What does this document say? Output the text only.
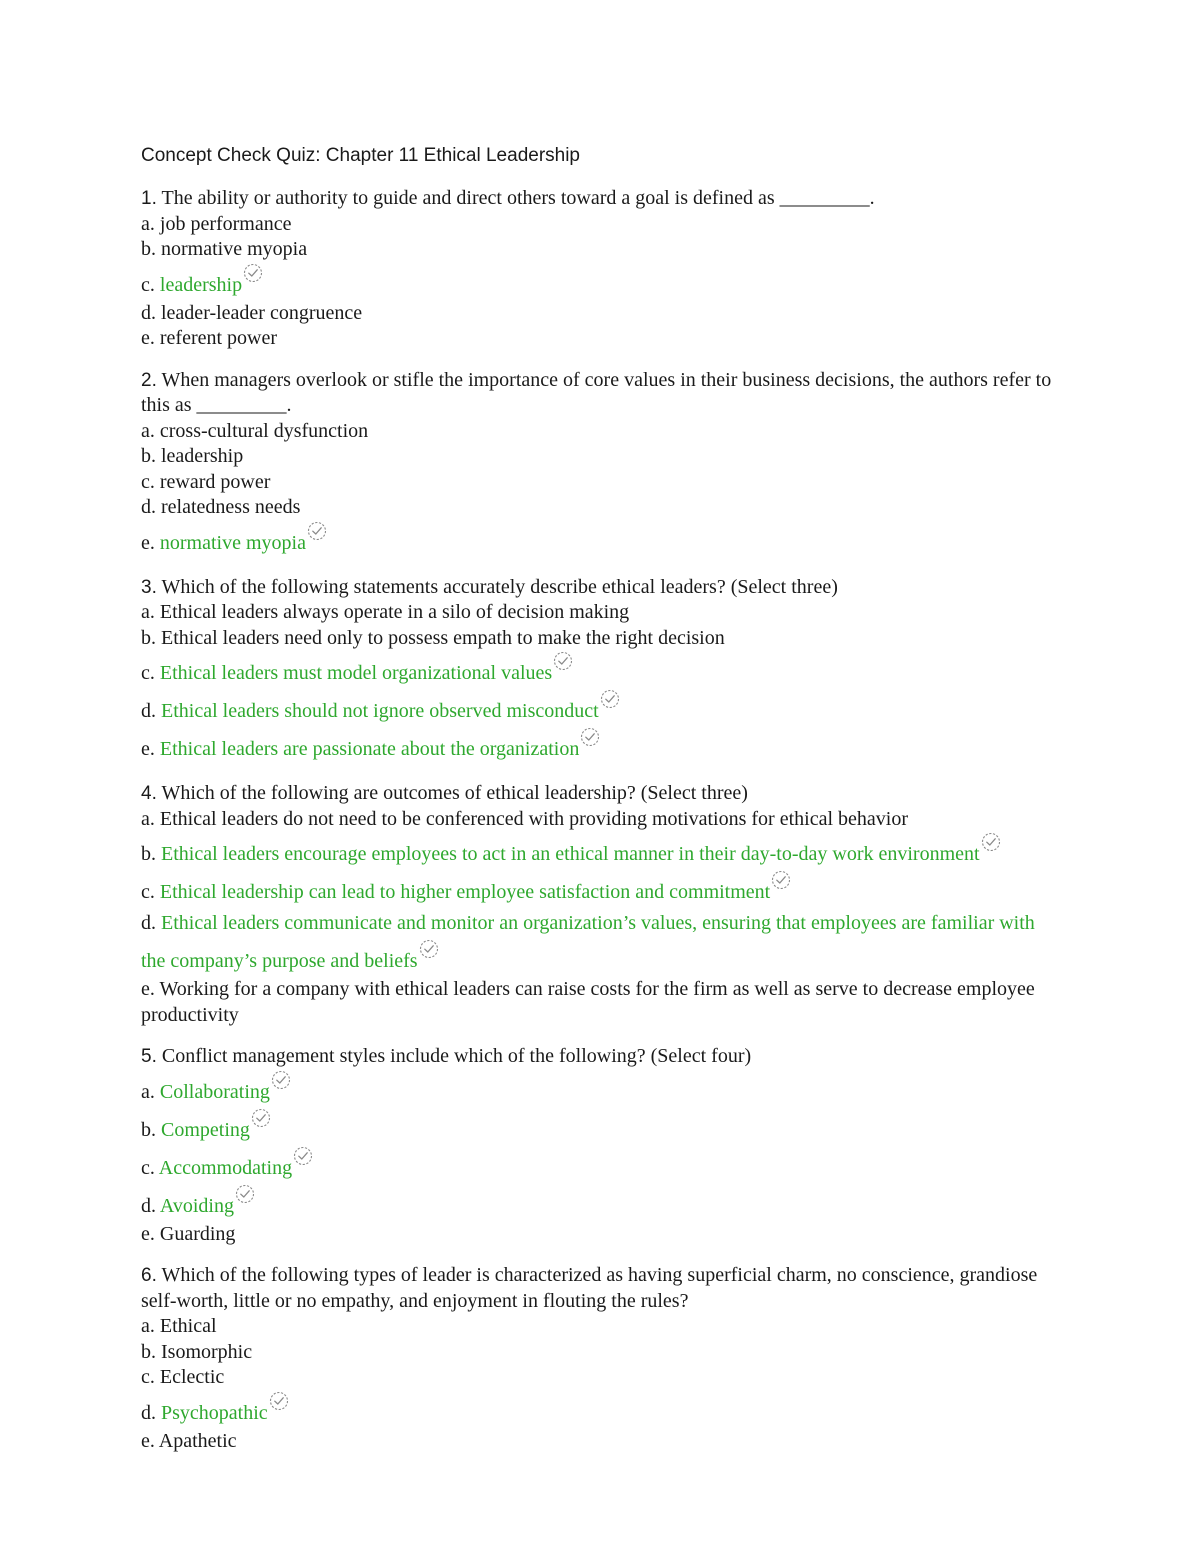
Concept Check Quiz: Chapter 11 Ethical Leadership
1. The ability or authority to guide and direct others toward a goal is defined as _________.
a. job performance
b. normative myopia
c. leadership
d. leader-leader congruence
e. referent power
2. When managers overlook or stifle the importance of core values in their business decisions, the authors refer to this as _________.
a. cross-cultural dysfunction
b. leadership
c. reward power
d. relatedness needs
e. normative myopia
3. Which of the following statements accurately describe ethical leaders? (Select three)
a. Ethical leaders always operate in a silo of decision making
b. Ethical leaders need only to possess empath to make the right decision
c. Ethical leaders must model organizational values
d. Ethical leaders should not ignore observed misconduct
e. Ethical leaders are passionate about the organization
4. Which of the following are outcomes of ethical leadership? (Select three)
a. Ethical leaders do not need to be conferenced with providing motivations for ethical behavior
b. Ethical leaders encourage employees to act in an ethical manner in their day-to-day work environment
c. Ethical leadership can lead to higher employee satisfaction and commitment
d. Ethical leaders communicate and monitor an organization’s values, ensuring that employees are familiar with the company’s purpose and beliefs
e. Working for a company with ethical leaders can raise costs for the firm as well as serve to decrease employee productivity
5. Conflict management styles include which of the following? (Select four)
a. Collaborating
b. Competing
c. Accommodating
d. Avoiding
e. Guarding
6. Which of the following types of leader is characterized as having superficial charm, no conscience, grandiose self-worth, little or no empathy, and enjoyment in flouting the rules?
a. Ethical
b. Isomorphic
c. Eclectic
d. Psychopathic
e. Apathetic
